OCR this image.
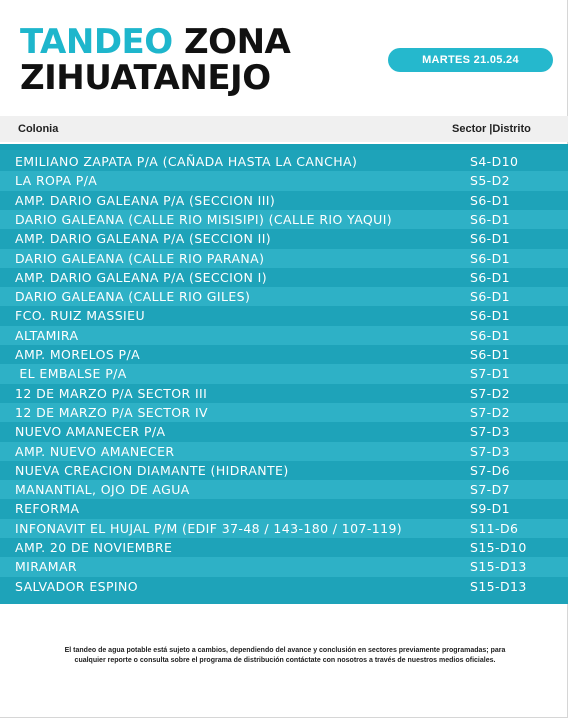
TANDEO ZONA
ZIHUATANEJO	MARTES 21.05.24
Colonia	Sector |Distrito
EMILIANO ZAPATA P/A (CAÑADA HASTA LA CANCHA)	S4-D10
LA ROPA P/A	S5-D2
AMP. DARIO GALEANA P/A (SECCION III)	S6-D1
DARIO GALEANA (CALLE RIO MISISIPI) (CALLE RIO YAQUI)	S6-D1
AMP. DARIO GALEANA P/A (SECCION II)	S6-D1
DARIO GALEANA (CALLE RIO PARANA)	S6-D1
AMP. DARIO GALEANA P/A (SECCION I)	S6-D1
DARIO GALEANA (CALLE RIO GILES)	S6-D1
FCO. RUIZ MASSIEU	S6-D1
ALTAMIRA	S6-D1
AMP. MORELOS P/A	S6-D1
EL EMBALSE P/A	S7-D1
12 DE MARZO P/A SECTOR III	S7-D2
12 DE MARZO P/A SECTOR IV	S7-D2
NUEVO AMANECER P/A	S7-D3
AMP. NUEVO AMANECER	S7-D3
NUEVA CREACION DIAMANTE (HIDRANTE)	S7-D6
MANANTIAL, OJO DE AGUA	S7-D7
REFORMA	S9-D1
INFONAVIT EL HUJAL P/M (EDIF 37-48 / 143-180 / 107-119)	S11-D6
AMP. 20 DE NOVIEMBRE	S15-D10
MIRAMAR	S15-D13
SALVADOR ESPINO	S15-D13
El tandeo de agua potable está sujeto a cambios, dependiendo del avance y conclusión en sectores previamente programadas; para cualquier reporte o consulta sobre el programa de distribución contáctate con nosotros a través de nuestros medios oficiales.
